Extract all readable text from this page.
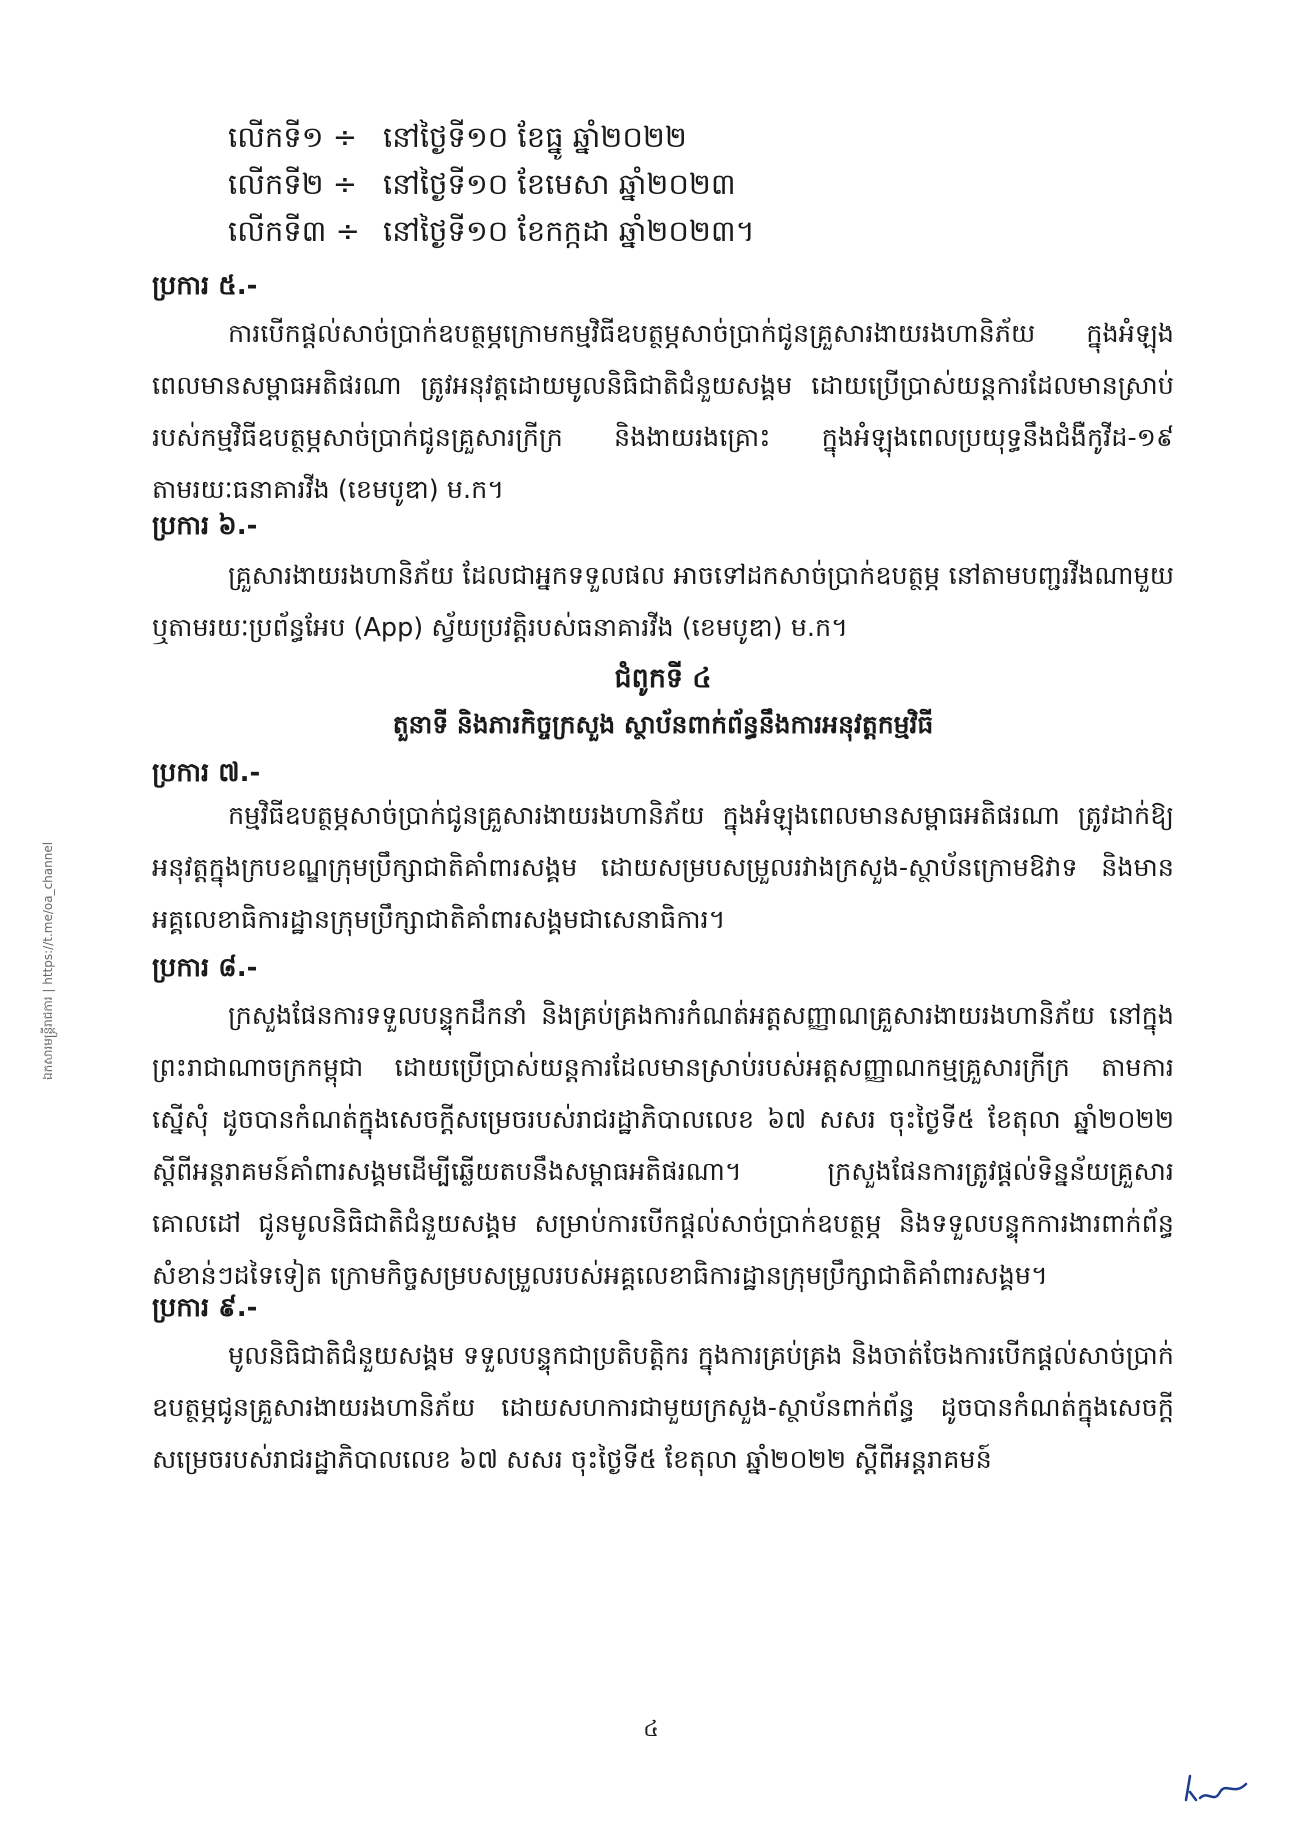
ឯកសារមន្ត្រីរាជការ | https://t.me/oa_channel
លើកទី១ ÷ នៅថ្ងៃទី១០ ខែធ្នូ ឆ្នាំ២០២២
លើកទី២ ÷ នៅថ្ងៃទី១០ ខែមេសា ឆ្នាំ២០២៣
លើកទី៣ ÷ នៅថ្ងៃទី១០ ខែកក្កដា ឆ្នាំ២០២៣។
ប្រការ ៥.-

ការបើកផ្តល់សាច់ប្រាក់ឧបត្ថម្ភក្រោមកម្មវិធីឧបត្ថម្ភសាច់ប្រាក់ជូនគ្រួសារងាយរងហានិភ័យ ក្នុងអំឡុងពេលមានសម្ពាធអតិផរណា ត្រូវអនុវត្តដោយមូលនិធិជាតិជំនួយសង្គម ដោយប្រើប្រាស់យន្តការដែលមានស្រាប់របស់កម្មវិធីឧបត្ថម្ភសាច់ប្រាក់ជូនគ្រួសារក្រីក្រ និងងាយរងគ្រោះ ក្នុងអំឡុងពេលប្រយុទ្ធនឹងជំងឺកូវីដ-១៩ តាមរយៈធនាគារវីង (ខេមបូឌា) ម.ក។

ប្រការ ៦.-

គ្រួសារងាយរងហានិភ័យ ដែលជាអ្នកទទួលផល អាចទៅដកសាច់ប្រាក់ឧបត្ថម្ភ នៅតាមបញ្ជរវីងណាមួយ ឬតាមរយៈប្រព័ន្ធអែប (App) ស្វ័យប្រវត្តិរបស់ធនាគារវីង (ខេមបូឌា) ម.ក។

ជំពូកទី ៤
តួនាទី និងភារកិច្ចក្រសួង ស្ថាប័នពាក់ព័ន្ធនឹងការអនុវត្តកម្មវិធី
ប្រការ ៧.-

កម្មវិធីឧបត្ថម្ភសាច់ប្រាក់ជូនគ្រួសារងាយរងហានិភ័យ ក្នុងអំឡុងពេលមានសម្ពាធអតិផរណា ត្រូវដាក់ឱ្យអនុវត្តក្នុងក្របខណ្ឌក្រុមប្រឹក្សាជាតិគាំពារសង្គម ដោយសម្របសម្រួលរវាងក្រសួង-ស្ថាប័នក្រោមឱវាទ និងមានអគ្គលេខាធិការដ្ឋានក្រុមប្រឹក្សាជាតិគាំពារសង្គមជាសេនាធិការ។

ប្រការ ៨.-

ក្រសួងផែនការទទួលបន្ទុកដឹកនាំ និងគ្រប់គ្រងការកំណត់អត្តសញ្ញាណគ្រួសារងាយរងហានិភ័យ នៅក្នុងព្រះរាជាណាចក្រកម្ពុជា ដោយប្រើប្រាស់យន្តការដែលមានស្រាប់របស់អត្តសញ្ញាណកម្មគ្រួសារក្រីក្រ តាមការស្នើសុំ ដូចបានកំណត់ក្នុងសេចក្តីសម្រេចរបស់រាជរដ្ឋាភិបាលលេខ ៦៧ សសរ ចុះថ្ងៃទី៥ ខែតុលា ឆ្នាំ២០២២ ស្តីពីអន្តរាគមន៍គាំពារសង្គមដើម្បីឆ្លើយតបនឹងសម្ពាធអតិផរណា។ ក្រសួងផែនការត្រូវផ្តល់ទិន្នន័យគ្រួសារគោលដៅ ជូនមូលនិធិជាតិជំនួយសង្គម សម្រាប់ការបើកផ្តល់សាច់ប្រាក់ឧបត្ថម្ភ និងទទួលបន្ទុកការងារពាក់ព័ន្ធសំខាន់ៗដទៃទៀត ក្រោមកិច្ចសម្របសម្រួលរបស់អគ្គលេខាធិការដ្ឋានក្រុមប្រឹក្សាជាតិគាំពារសង្គម។

ប្រការ ៩.-

មូលនិធិជាតិជំនួយសង្គម ទទួលបន្ទុកជាប្រតិបត្តិករ ក្នុងការគ្រប់គ្រង និងចាត់ចែងការបើកផ្តល់សាច់ប្រាក់ឧបត្ថម្ភជូនគ្រួសារងាយរងហានិភ័យ ដោយសហការជាមួយក្រសួង-ស្ថាប័នពាក់ព័ន្ធ ដូចបានកំណត់ក្នុងសេចក្តីសម្រេចរបស់រាជរដ្ឋាភិបាលលេខ ៦៧ សសរ ចុះថ្ងៃទី៥ ខែតុលា ឆ្នាំ២០២២ ស្តីពីអន្តរាគមន៍

៤
